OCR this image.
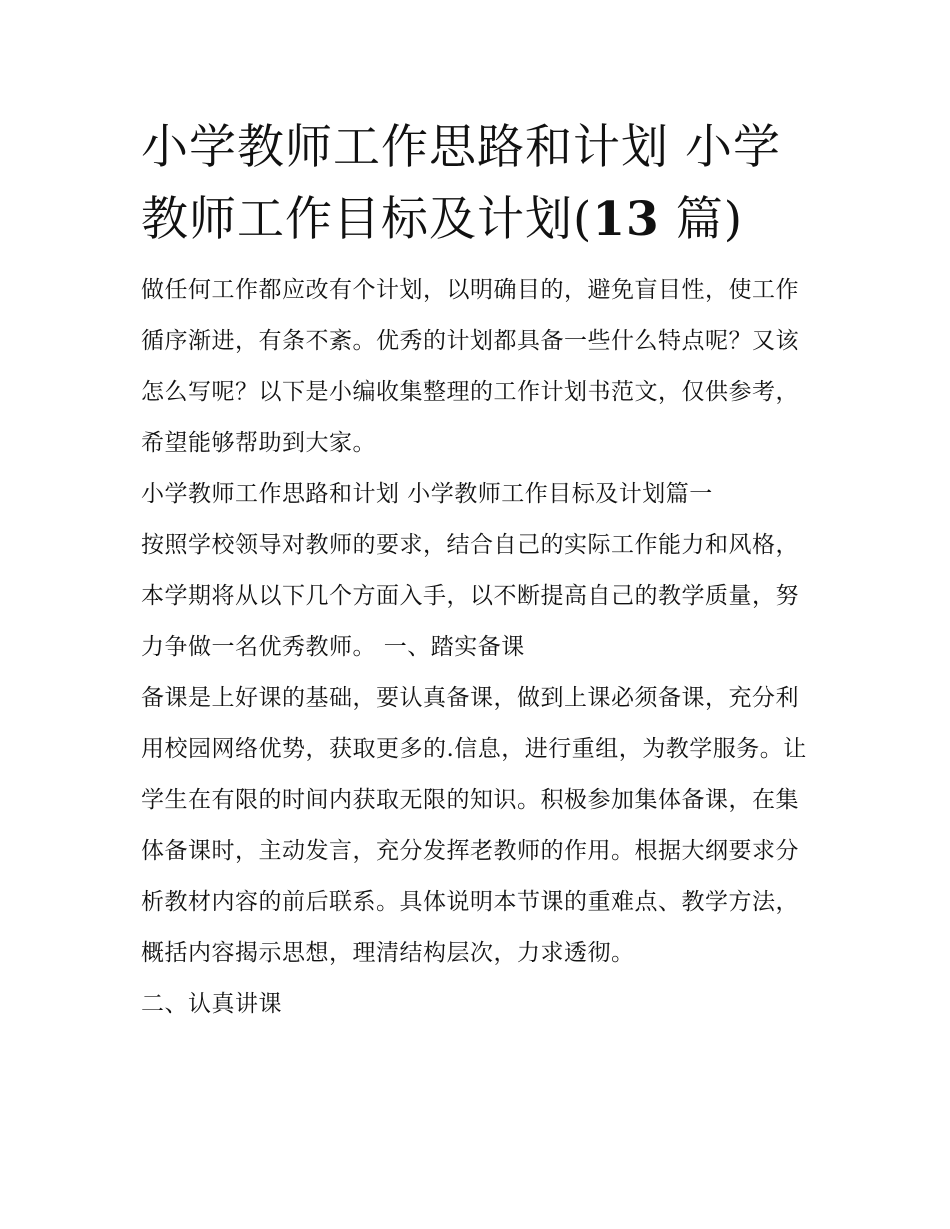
小学教师工作思路和计划 小学教师工作目标及计划(13 篇)

做任何工作都应改有个计划，以明确目的，避免盲目性，使工作循序渐进，有条不紊。优秀的计划都具备一些什么特点呢？又该怎么写呢？以下是小编收集整理的工作计划书范文，仅供参考，希望能够帮助到大家。

小学教师工作思路和计划 小学教师工作目标及计划篇一

按照学校领导对教师的要求，结合自己的实际工作能力和风格，本学期将从以下几个方面入手，以不断提高自己的教学质量，努力争做一名优秀教师。 一、踏实备课

备课是上好课的基础，要认真备课，做到上课必须备课，充分利用校园网络优势，获取更多的.信息，进行重组，为教学服务。让学生在有限的时间内获取无限的知识。积极参加集体备课，在集体备课时，主动发言，充分发挥老教师的作用。根据大纲要求分析教材内容的前后联系。具体说明本节课的重难点、教学方法，概括内容揭示思想，理清结构层次，力求透彻。

二、认真讲课
